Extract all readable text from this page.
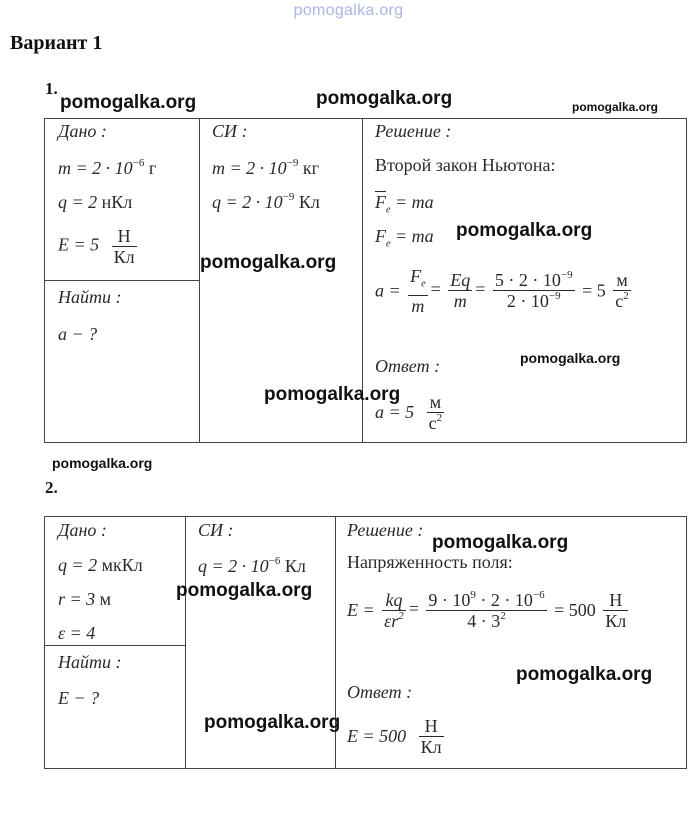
pomogalka.org
Вариант 1
1.
Дано :
$m = 2 \cdot 10^{-6}$ г
q = 2 нКл
$E = 5 \frac{Н}{Кл}$
Найти :
a − ?
СИ :
$m = 2 \cdot 10^{-9}$ кг
$q = 2 \cdot 10^{-9}$ Кл
Решение :
Второй закон Ньютона:
$F_e$ = ma
$F_e$ = ma
$a = \frac{F_e}{m} = \frac{Eq}{m} = \frac{5 \cdot 2 \cdot 10^{-9}}{2 \cdot 10^{-9}} = 5 \frac{м}{с^2}$
Ответ :
$a = 5 \frac{м}{с^2}$
2.
Дано :
q = 2 мкКл
r = 3 м
ε = 4
Найти :
E − ?
СИ :
$q = 2 \cdot 10^{-6}$ Кл
Решение :
Напряженность поля:
$E = \frac{kq}{\varepsilon r^2} = \frac{9 \cdot 10^9 \cdot 2 \cdot 10^{-6}}{4 \cdot 3^2} = 500 \frac{Н}{Кл}$
Ответ :
$E = 500 \frac{Н}{Кл}$
pomogalka.org	pomogalka.org	pomogalka.org
pomogalka.org
pomogalka.org
pomogalka.org
pomogalka.org
pomogalka.org
pomogalka.org
pomogalka.org
pomogalka.org
pomogalka.org
